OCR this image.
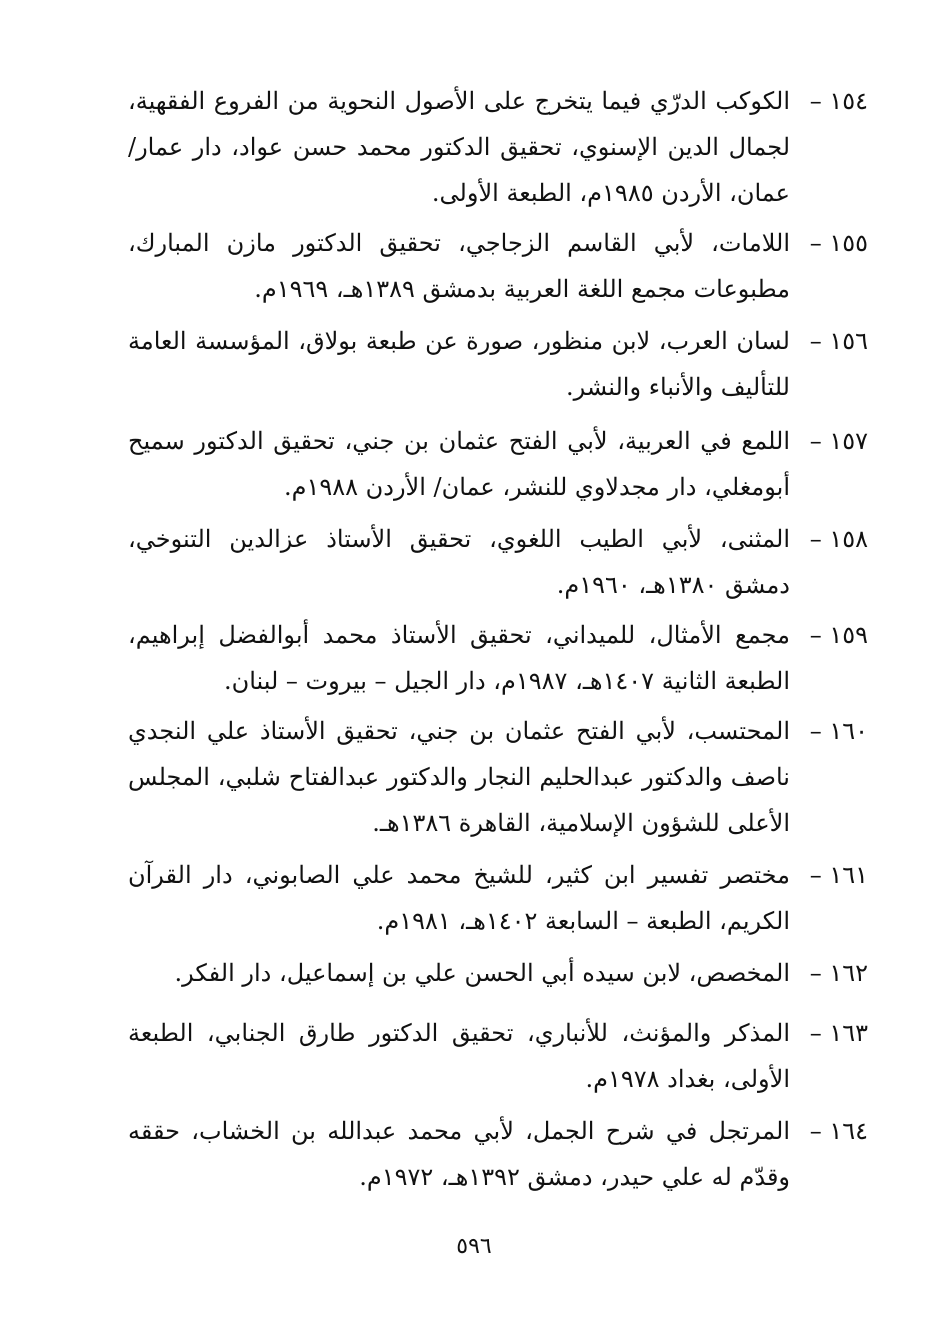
١٥٤ –
الكوكب الدرّي فيما يتخرج على الأصول النحوية من الفروع الفقهية، لجمال الدين الإسنوي، تحقيق الدكتور محمد حسن عواد، دار عمار/ عمان، الأردن ١٩٨٥م، الطبعة الأولى.
١٥٥ –
اللامات، لأبي القاسم الزجاجي، تحقيق الدكتور مازن المبارك، مطبوعات مجمع اللغة العربية بدمشق ١٣٨٩هـ، ١٩٦٩م.
١٥٦ –
لسان العرب، لابن منظور، صورة عن طبعة بولاق، المؤسسة العامة للتأليف والأنباء والنشر.
١٥٧ –
اللمع في العربية، لأبي الفتح عثمان بن جني، تحقيق الدكتور سميح أبومغلي، دار مجدلاوي للنشر، عمان/ الأردن ١٩٨٨م.
١٥٨ –
المثنى، لأبي الطيب اللغوي، تحقيق الأستاذ عزالدين التنوخي، دمشق ١٣٨٠هـ، ١٩٦٠م.
١٥٩ –
مجمع الأمثال، للميداني، تحقيق الأستاذ محمد أبوالفضل إبراهيم، الطبعة الثانية ١٤٠٧هـ، ١٩٨٧م، دار الجيل – بيروت – لبنان.
١٦٠ –
المحتسب، لأبي الفتح عثمان بن جني، تحقيق الأستاذ علي النجدي ناصف والدكتور عبدالحليم النجار والدكتور عبدالفتاح شلبي، المجلس الأعلى للشؤون الإسلامية، القاهرة ١٣٨٦هـ.
١٦١ –
مختصر تفسير ابن كثير، للشيخ محمد علي الصابوني، دار القرآن الكريم، الطبعة – السابعة ١٤٠٢هـ، ١٩٨١م.
١٦٢ –
المخصص، لابن سيده أبي الحسن علي بن إسماعيل، دار الفكر.
١٦٣ –
المذكر والمؤنث، للأنباري، تحقيق الدكتور طارق الجنابي، الطبعة الأولى، بغداد ١٩٧٨م.
١٦٤ –
المرتجل في شرح الجمل، لأبي محمد عبدالله بن الخشاب، حققه وقدّم له علي حيدر، دمشق ١٣٩٢هـ، ١٩٧٢م.
٥٩٦
